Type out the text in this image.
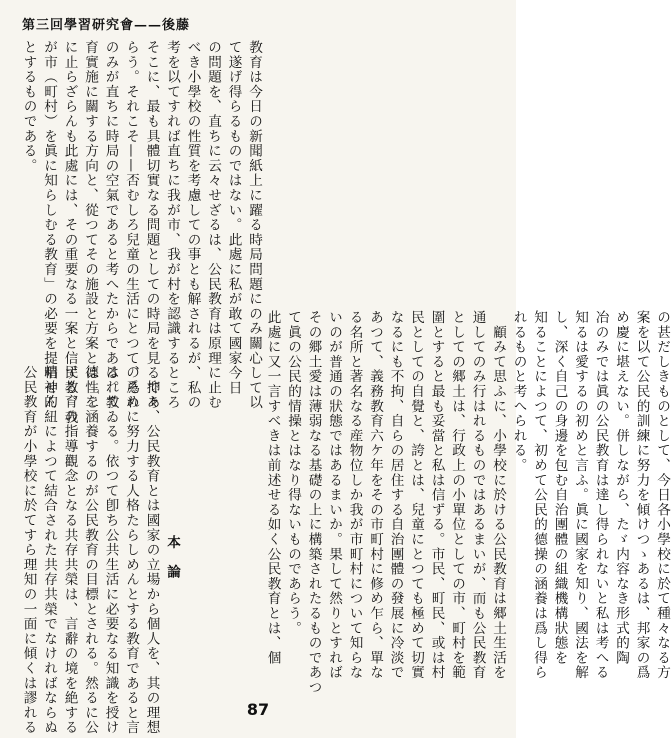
第三回學習研究會——後藤
教育は今日の新聞紙上に躍る時局問題にのみ關心して以
て遂げ得らるものではない。此處に私が敢て國家今日
の問題を、直ちに云々せざるは、公民教育は原理に止む
べき小學校の性質を考慮しての事とも解されるが、私の
考を以てすれば直ちに我が市、我が村を認識するところ
そこに、最も具體切實なる問題としての時局を見るであ
らう。それこそ——否むしろ兒童の生活にとつて、それ
のみが直ちに時局の空氣であると考へたからである。教
育實施に關する方向と、從つてその施設と方案とは「二
に止らざらんも此處には、その重要なる一案と信ずる、我
が市（町村）を眞に知らしむる教育」の必要を提唱せん
とするものである。
本　論
　抑々、公民教育とは國家の立場から個人を、其の理想
の爲めに努力する人格たらしめんとする教育であると言
はれてゐる。依つて卽ち公共生活に必要なる知識を授け
德性を涵養するのが公民教育の目標とされる。然るに公
民教育の指導觀念となる共存共榮は、言辭の境を絶する
精神的紐によつて結合された共存共榮でなければならぬ
公民教育が小學校に於てすら理知の一面に傾くは謬れる	の甚だしきものとして、今日各小學校に於て種々なる方
案を以て公民的訓練に努力を傾けつゝあるは、邦家の爲
め慶に堪えない。併しながら、たゞ内容なき形式的陶
冶のみでは眞の公民教育は達し得られないと私は考へる
知るは愛するの初めと言ふ。眞に國家を知り、國法を解
し、深く自己の身邊を包む自治團體の組織機構狀態を
知ることによつて、初めて公民的德操の涵養は爲し得ら
れるものと考へられる。
　顧みて思ふに、小學校に於ける公民教育は郷土生活を
通してのみ行はれるものではあるまいが、而も公民教育
としての郷土は、行政上の小單位としての市、町村を範
圍とすると最も妥當と私は信ずる。市民、町民、或は村
民としての自覺と、誇とは、兒童にとつても極めて切實
なるにも不拘、自らの居住する自治團體の發展に冷淡で
あつて、義務教育六ケ年をその市町村に修め乍ら、單な
る名所と著名なる産物位しか我が市町村について知らな
いのが普通の狀態ではあるまいか。果して然りとすれば
その郷土愛は薄弱なる基礎の上に構築されたるものであつ
て眞の公民的情操とはなり得ないものであらう。
此處に又一言すべきは前述せる如く公民教育とは、個
87
